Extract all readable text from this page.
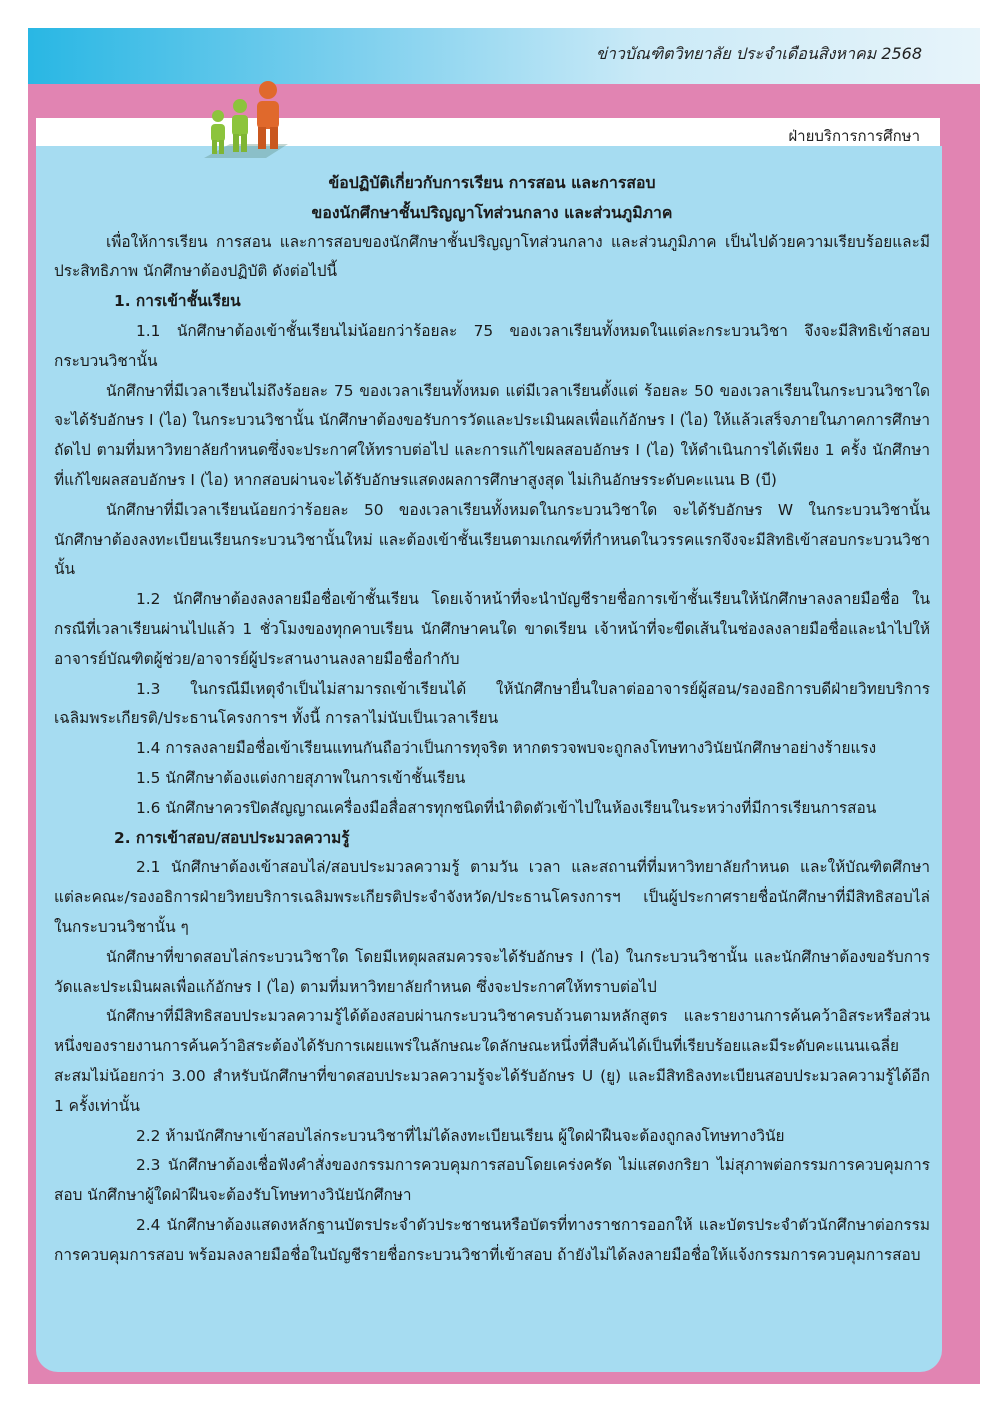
ข่าวบัณฑิตวิทยาลัย ประจำเดือนสิงหาคม 2568
ฝ่ายบริการการศึกษา
ข้อปฏิบัติเกี่ยวกับการเรียน การสอน และการสอบ
ของนักศึกษาชั้นปริญญาโทส่วนกลาง และส่วนภูมิภาค

เพื่อให้การเรียน การสอน และการสอบของนักศึกษาชั้นปริญญาโทส่วนกลาง และส่วนภูมิภาค เป็นไปด้วยความเรียบร้อยและมีประสิทธิภาพ นักศึกษาต้องปฏิบัติ ดังต่อไปนี้

1. การเข้าชั้นเรียน

1.1 นักศึกษาต้องเข้าชั้นเรียนไม่น้อยกว่าร้อยละ 75 ของเวลาเรียนทั้งหมดในแต่ละกระบวนวิชา จึงจะมีสิทธิเข้าสอบกระบวนวิชานั้น

นักศึกษาที่มีเวลาเรียนไม่ถึงร้อยละ 75 ของเวลาเรียนทั้งหมด แต่มีเวลาเรียนตั้งแต่ ร้อยละ 50 ของเวลาเรียนในกระบวนวิชาใด จะได้รับอักษร I (ไอ) ในกระบวนวิชานั้น นักศึกษาต้องขอรับการวัดและประเมินผลเพื่อแก้อักษร I (ไอ) ให้แล้วเสร็จภายในภาคการศึกษาถัดไป ตามที่มหาวิทยาลัยกำหนดซึ่งจะประกาศให้ทราบต่อไป และการแก้ไขผลสอบอักษร I (ไอ) ให้ดำเนินการได้เพียง 1 ครั้ง นักศึกษาที่แก้ไขผลสอบอักษร I (ไอ) หากสอบผ่านจะได้รับอักษรแสดงผลการศึกษาสูงสุด ไม่เกินอักษรระดับคะแนน B (บี)

นักศึกษาที่มีเวลาเรียนน้อยกว่าร้อยละ 50 ของเวลาเรียนทั้งหมดในกระบวนวิชาใด จะได้รับอักษร W ในกระบวนวิชานั้น นักศึกษาต้องลงทะเบียนเรียนกระบวนวิชานั้นใหม่ และต้องเข้าชั้นเรียนตามเกณฑ์ที่กำหนดในวรรคแรกจึงจะมีสิทธิเข้าสอบกระบวนวิชานั้น

1.2 นักศึกษาต้องลงลายมือชื่อเข้าชั้นเรียน โดยเจ้าหน้าที่จะนำบัญชีรายชื่อการเข้าชั้นเรียนให้นักศึกษาลงลายมือชื่อ ในกรณีที่เวลาเรียนผ่านไปแล้ว 1 ชั่วโมงของทุกคาบเรียน นักศึกษาคนใด ขาดเรียน เจ้าหน้าที่จะขีดเส้นในช่องลงลายมือชื่อและนำไปให้อาจารย์บัณฑิตผู้ช่วย/อาจารย์ผู้ประสานงานลงลายมือชื่อกำกับ

1.3 ในกรณีมีเหตุจำเป็นไม่สามารถเข้าเรียนได้ ให้นักศึกษายื่นใบลาต่ออาจารย์ผู้สอน/รองอธิการบดีฝ่ายวิทยบริการเฉลิมพระเกียรติ/ประธานโครงการฯ ทั้งนี้ การลาไม่นับเป็นเวลาเรียน

1.4 การลงลายมือชื่อเข้าเรียนแทนกันถือว่าเป็นการทุจริต หากตรวจพบจะถูกลงโทษทางวินัยนักศึกษาอย่างร้ายแรง

1.5 นักศึกษาต้องแต่งกายสุภาพในการเข้าชั้นเรียน

1.6 นักศึกษาควรปิดสัญญาณเครื่องมือสื่อสารทุกชนิดที่นำติดตัวเข้าไปในห้องเรียนในระหว่างที่มีการเรียนการสอน

2. การเข้าสอบ/สอบประมวลความรู้

2.1 นักศึกษาต้องเข้าสอบไล่/สอบประมวลความรู้ ตามวัน เวลา และสถานที่ที่มหาวิทยาลัยกำหนด และให้บัณฑิตศึกษาแต่ละคณะ/รองอธิการฝ่ายวิทยบริการเฉลิมพระเกียรติประจำจังหวัด/ประธานโครงการฯ เป็นผู้ประกาศรายชื่อนักศึกษาที่มีสิทธิสอบไล่ในกระบวนวิชานั้น ๆ

นักศึกษาที่ขาดสอบไล่กระบวนวิชาใด โดยมีเหตุผลสมควรจะได้รับอักษร I (ไอ) ในกระบวนวิชานั้น และนักศึกษาต้องขอรับการวัดและประเมินผลเพื่อแก้อักษร I (ไอ) ตามที่มหาวิทยาลัยกำหนด ซึ่งจะประกาศให้ทราบต่อไป

นักศึกษาที่มีสิทธิสอบประมวลความรู้ได้ต้องสอบผ่านกระบวนวิชาครบถ้วนตามหลักสูตร และรายงานการค้นคว้าอิสระหรือส่วนหนึ่งของรายงานการค้นคว้าอิสระต้องได้รับการเผยแพร่ในลักษณะใดลักษณะหนึ่งที่สืบค้นได้เป็นที่เรียบร้อยและมีระดับคะแนนเฉลี่ยสะสมไม่น้อยกว่า 3.00 สำหรับนักศึกษาที่ขาดสอบประมวลความรู้จะได้รับอักษร U (ยู) และมีสิทธิลงทะเบียนสอบประมวลความรู้ได้อีก 1 ครั้งเท่านั้น

2.2 ห้ามนักศึกษาเข้าสอบไล่กระบวนวิชาที่ไม่ได้ลงทะเบียนเรียน ผู้ใดฝ่าฝืนจะต้องถูกลงโทษทางวินัย

2.3 นักศึกษาต้องเชื่อฟังคำสั่งของกรรมการควบคุมการสอบโดยเคร่งครัด ไม่แสดงกริยา ไม่สุภาพต่อกรรมการควบคุมการสอบ นักศึกษาผู้ใดฝ่าฝืนจะต้องรับโทษทางวินัยนักศึกษา

2.4 นักศึกษาต้องแสดงหลักฐานบัตรประจำตัวประชาชนหรือบัตรที่ทางราชการออกให้ และบัตรประจำตัวนักศึกษาต่อกรรมการควบคุมการสอบ พร้อมลงลายมือชื่อในบัญชีรายชื่อกระบวนวิชาที่เข้าสอบ ถ้ายังไม่ได้ลงลายมือชื่อให้แจ้งกรรมการควบคุมการสอบ
